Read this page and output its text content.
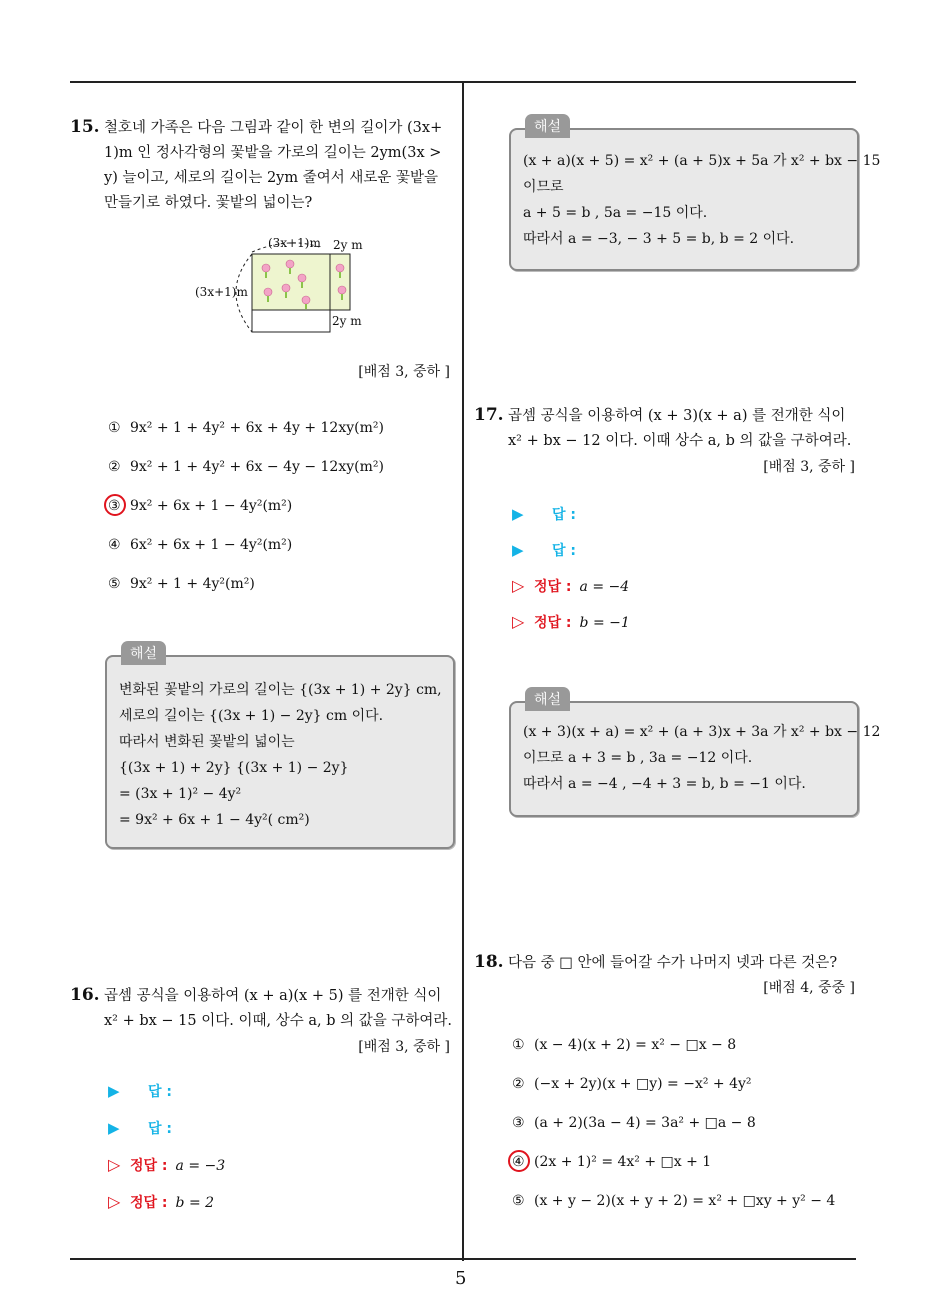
5
15. 철호네 가족은 다음 그림과 같이 한 변의 길이가 (3x+
1)m 인 정사각형의 꽃밭을 가로의 길이는 2ym(3x >
y) 늘이고, 세로의 길이는 2ym 줄여서 새로운 꽃밭을
만들기로 하였다. 꽃밭의 넓이는?
(3x+1)m 2y m
(3x+1)m
2y m
[배점 3, 중하 ]
① 9x² + 1 + 4y² + 6x + 4y + 12xy(m²)
② 9x² + 1 + 4y² + 6x − 4y − 12xy(m²)
③ 9x² + 6x + 1 − 4y²(m²)
④ 6x² + 6x + 1 − 4y²(m²)
⑤ 9x² + 1 + 4y²(m²)
해설
변화된 꽃밭의 가로의 길이는 {(3x + 1) + 2y} cm,
세로의 길이는 {(3x + 1) − 2y} cm 이다.
따라서 변화된 꽃밭의 넓이는
{(3x + 1) + 2y} {(3x + 1) − 2y}
= (3x + 1)² − 4y²
= 9x² + 6x + 1 − 4y²( cm²)
16. 곱셈 공식을 이용하여 (x + a)(x + 5) 를 전개한 식이
x² + bx − 15 이다. 이때, 상수 a, b 의 값을 구하여라.
[배점 3, 중하 ]
▶ 답 :
▶ 답 :
▷ 정답 : a = −3
▷ 정답 : b = 2
해설
(x + a)(x + 5) = x² + (a + 5)x + 5a 가 x² + bx − 15
이므로
a + 5 = b , 5a = −15 이다.
따라서 a = −3, − 3 + 5 = b, b = 2 이다.
17. 곱셈 공식을 이용하여 (x + 3)(x + a) 를 전개한 식이
x² + bx − 12 이다. 이때 상수 a, b 의 값을 구하여라.
[배점 3, 중하 ]
▶ 답 :
▶ 답 :
▷ 정답 : a = −4
▷ 정답 : b = −1
해설
(x + 3)(x + a) = x² + (a + 3)x + 3a 가 x² + bx − 12
이므로 a + 3 = b , 3a = −12 이다.
따라서 a = −4 , −4 + 3 = b, b = −1 이다.
18. 다음 중 □ 안에 들어갈 수가 나머지 넷과 다른 것은?
[배점 4, 중중 ]
① (x − 4)(x + 2) = x² − □x − 8
② (−x + 2y)(x + □y) = −x² + 4y²
③ (a + 2)(3a − 4) = 3a² + □a − 8
④ (2x + 1)² = 4x² + □x + 1
⑤ (x + y − 2)(x + y + 2) = x² + □xy + y² − 4
